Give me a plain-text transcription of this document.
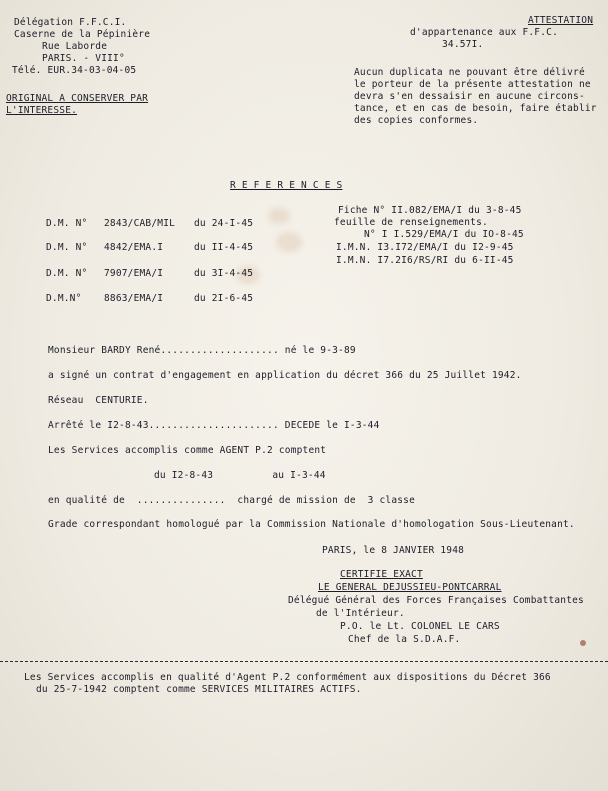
Délégation F.F.C.I.
Caserne de la Pépinière
Rue Laborde
PARIS. - VIII°
Télé. EUR.34-03-04-05
ORIGINAL A CONSERVER PAR
L'INTERESSE.
ATTESTATION
d'appartenance aux F.F.C.
34.57I.
Aucun duplicata ne pouvant être délivré
le porteur de la présente attestation ne
devra s'en dessaisir en aucune circons-
tance, et en cas de besoin, faire établir
des copies conformes.
R E F E R E N C E S
D.M. N° 2843/CAB/MIL du 24-I-45
D.M. N° 4842/EMA.I	du II-4-45
D.M. N° 7907/EMA/I	du 3I-4-45
D.M.N° 8863/EMA/I	du 2I-6-45
Fiche N° II.082/EMA/I du 3-8-45
feuille de renseignements.
N° I I.529/EMA/I du IO-8-45
I.M.N. I3.I72/EMA/I du I2-9-45
I.M.N. I7.2I6/RS/RI du 6-II-45
Monsieur BARDY René.................... né le 9-3-89
a signé un contrat d'engagement en application du décret 366 du 25 Juillet 1942.
Réseau  CENTURIE.
Arrêté le I2-8-43...................... DECEDE le I-3-44
Les Services accomplis comme AGENT P.2 comptent
du I2-8-43          au I-3-44
en qualité de  ...............  chargé de mission de  3 classe
Grade correspondant homologué par la Commission Nationale d'homologation Sous-Lieutenant.
PARIS, le 8 JANVIER 1948
CERTIFIE EXACT
LE GENERAL DEJUSSIEU-PONTCARRAL
Délégué Général des Forces Françaises Combattantes
de l'Intérieur.
P.O. le Lt. COLONEL LE CARS
Chef de la S.D.A.F.
Les Services accomplis en qualité d'Agent P.2 conformément aux dispositions du Décret 366
du 25-7-1942 comptent comme SERVICES MILITAIRES ACTIFS.
